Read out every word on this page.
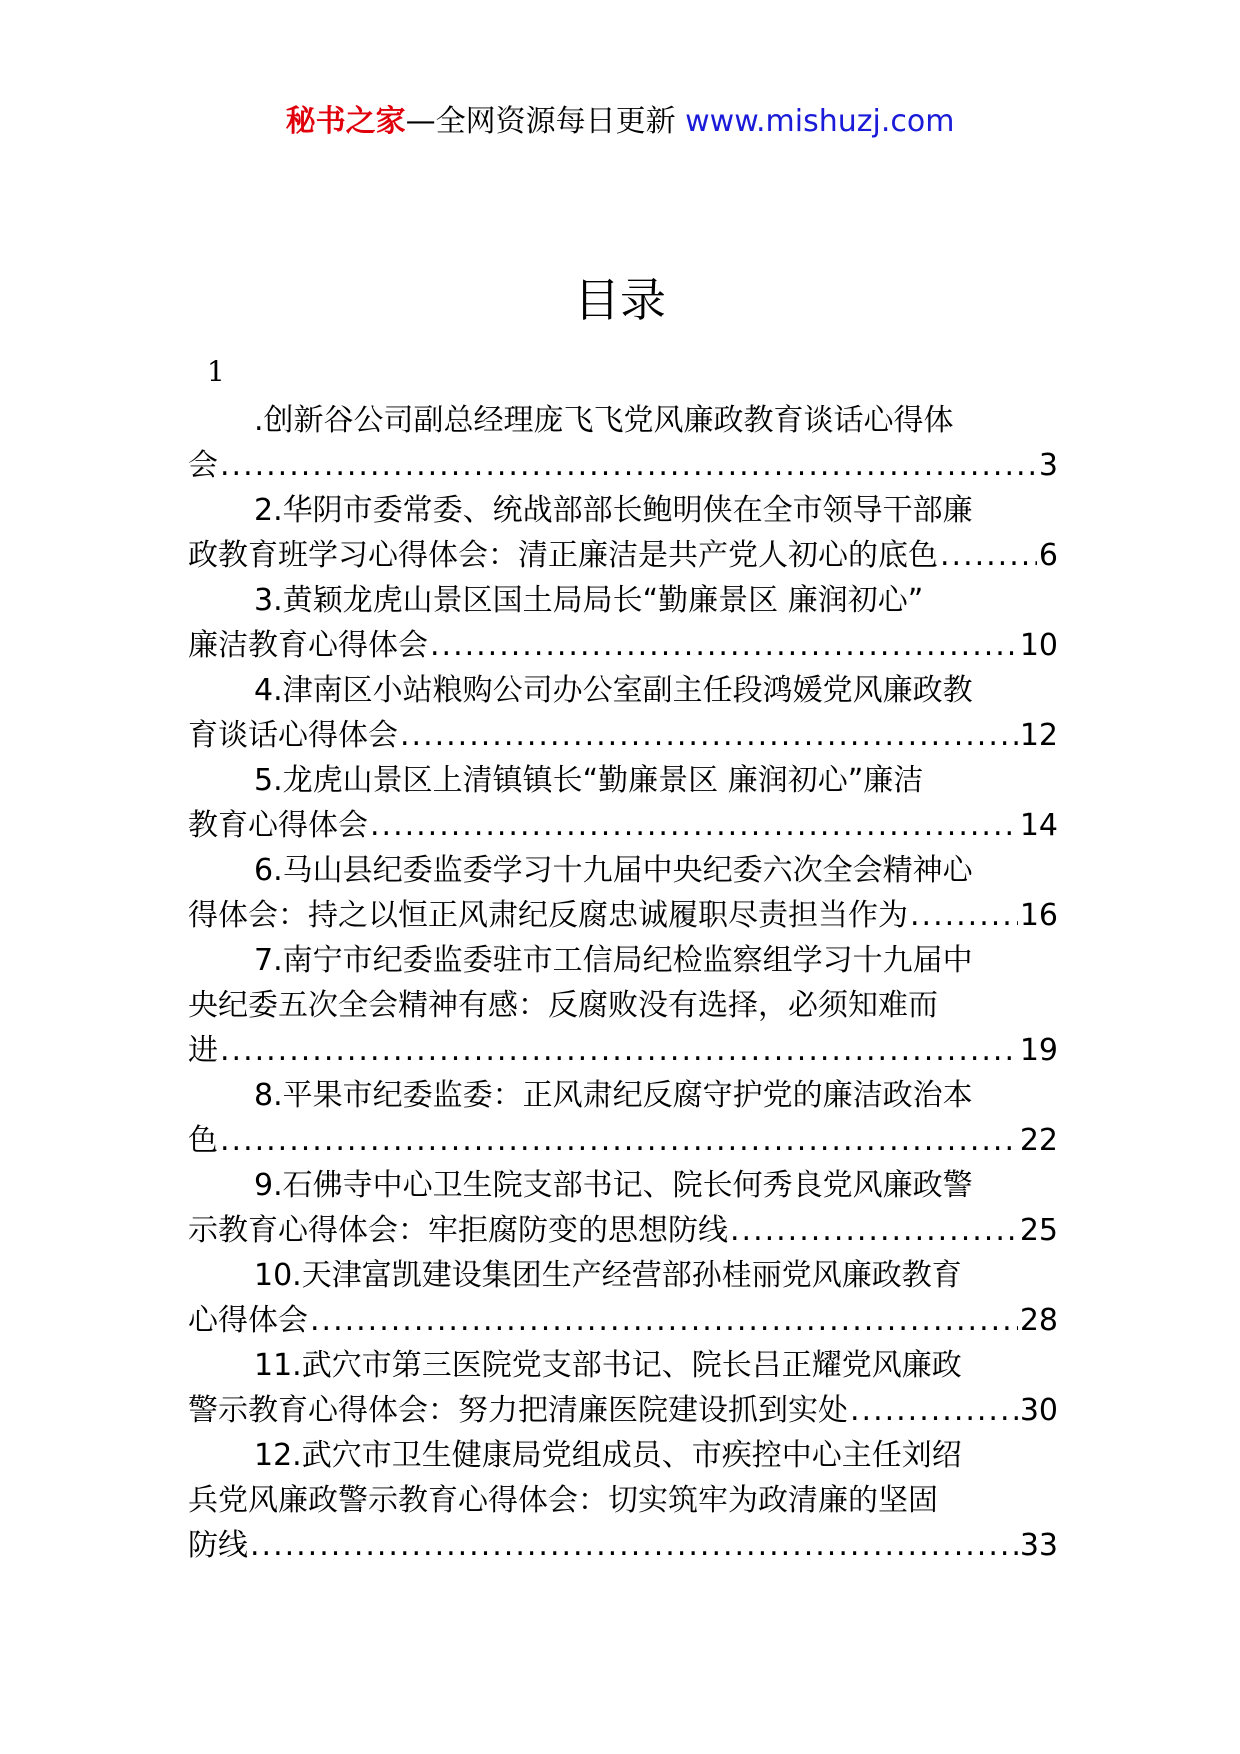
秘书之家—全网资源每日更新 www.mishuzj.com
目录
1
.创新谷公司副总经理庞飞飞党风廉政教育谈话心得体
会 .....	3
2.华阴市委常委、统战部部长鲍明侠在全市领导干部廉
政教育班学习心得体会：清正廉洁是共产党人初心的底色 .....	6
3.黄颖龙虎山景区国土局局长“勤廉景区 廉润初心”
廉洁教育心得体会 .....	10
4.津南区小站粮购公司办公室副主任段鸿媛党风廉政教
育谈话心得体会 .....	12
5.龙虎山景区上清镇镇长“勤廉景区 廉润初心”廉洁
教育心得体会 .....	14
6.马山县纪委监委学习十九届中央纪委六次全会精神心
得体会：持之以恒正风肃纪反腐忠诚履职尽责担当作为 .....	16
7.南宁市纪委监委驻市工信局纪检监察组学习十九届中
央纪委五次全会精神有感：反腐败没有选择，必须知难而
进 .....	19
8.平果市纪委监委：正风肃纪反腐守护党的廉洁政治本
色 .....	22
9.石佛寺中心卫生院支部书记、院长何秀良党风廉政警
示教育心得体会：牢拒腐防变的思想防线 .....	25
10.天津富凯建设集团生产经营部孙桂丽党风廉政教育
心得体会 .....	28
11.武穴市第三医院党支部书记、院长吕正耀党风廉政
警示教育心得体会：努力把清廉医院建设抓到实处 .....	30
12.武穴市卫生健康局党组成员、市疾控中心主任刘绍
兵党风廉政警示教育心得体会：切实筑牢为政清廉的坚固
防线 .....	33
